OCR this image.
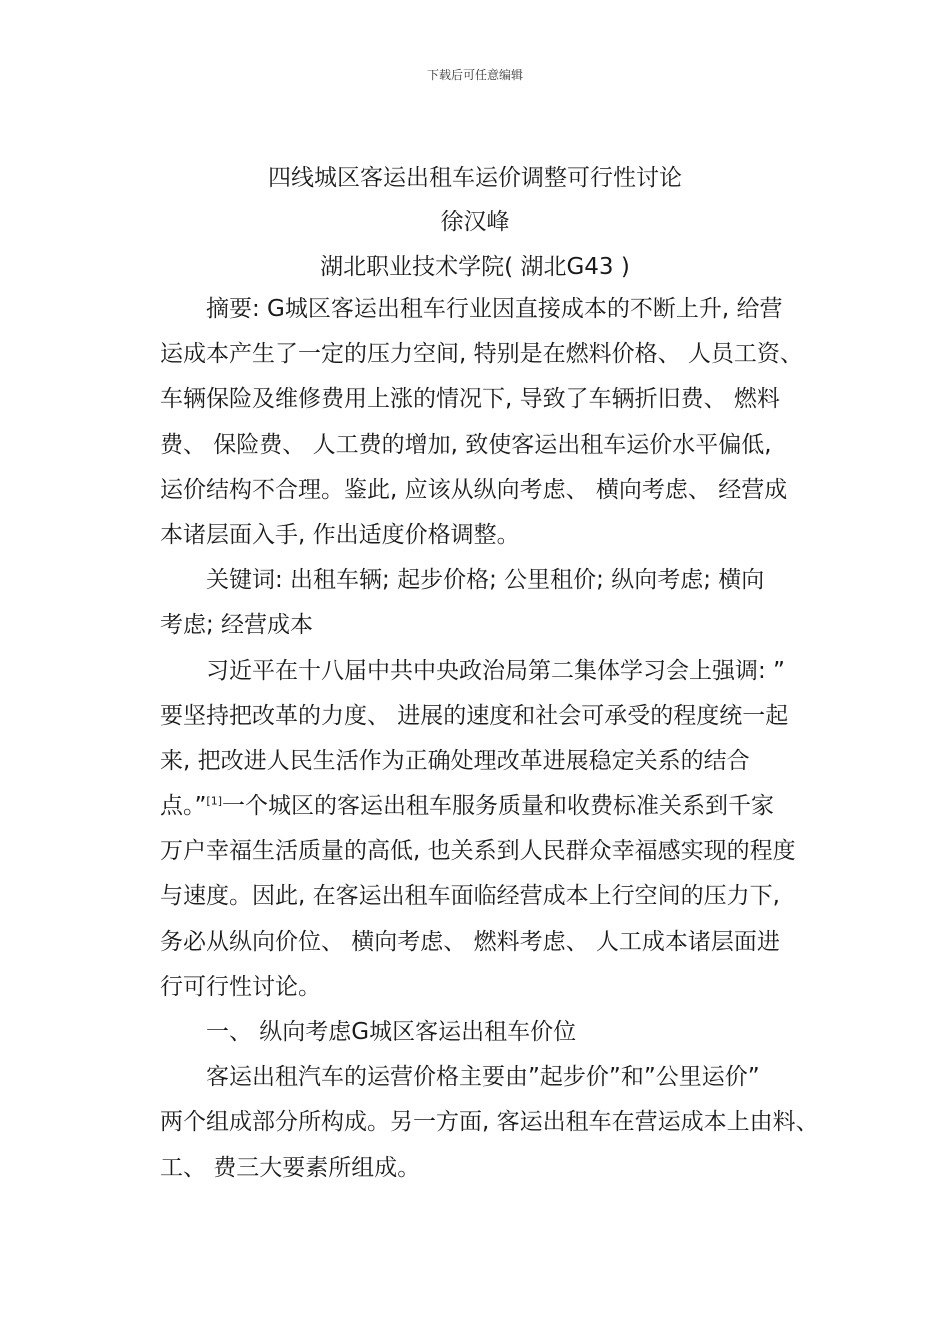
下载后可任意编辑
四线城区客运出租车运价调整可行性讨论
徐汉峰
湖北职业技术学院( 湖北G43 )
摘要: G城区客运出租车行业因直接成本的不断上升, 给营
运成本产生了一定的压力空间, 特别是在燃料价格、 人员工资、
车辆保险及维修费用上涨的情况下, 导致了车辆折旧费、 燃料
费、 保险费、 人工费的增加, 致使客运出租车运价水平偏低,
运价结构不合理。鉴此, 应该从纵向考虑、 横向考虑、 经营成
本诸层面入手, 作出适度价格调整。
关键词: 出租车辆; 起步价格; 公里租价; 纵向考虑; 横向
考虑; 经营成本
习近平在十八届中共中央政治局第二集体学习会上强调: ”
要坚持把改革的力度、 进展的速度和社会可承受的程度统一起
来, 把改进人民生活作为正确处理改革进展稳定关系的结合
点。”[1]一个城区的客运出租车服务质量和收费标准关系到千家
万户幸福生活质量的高低, 也关系到人民群众幸福感实现的程度
与速度。因此, 在客运出租车面临经营成本上行空间的压力下,
务必从纵向价位、 横向考虑、 燃料考虑、 人工成本诸层面进
行可行性讨论。
一、 纵向考虑G城区客运出租车价位
客运出租汽车的运营价格主要由”起步价”和”公里运价”
两个组成部分所构成。另一方面, 客运出租车在营运成本上由料、
工、 费三大要素所组成。
